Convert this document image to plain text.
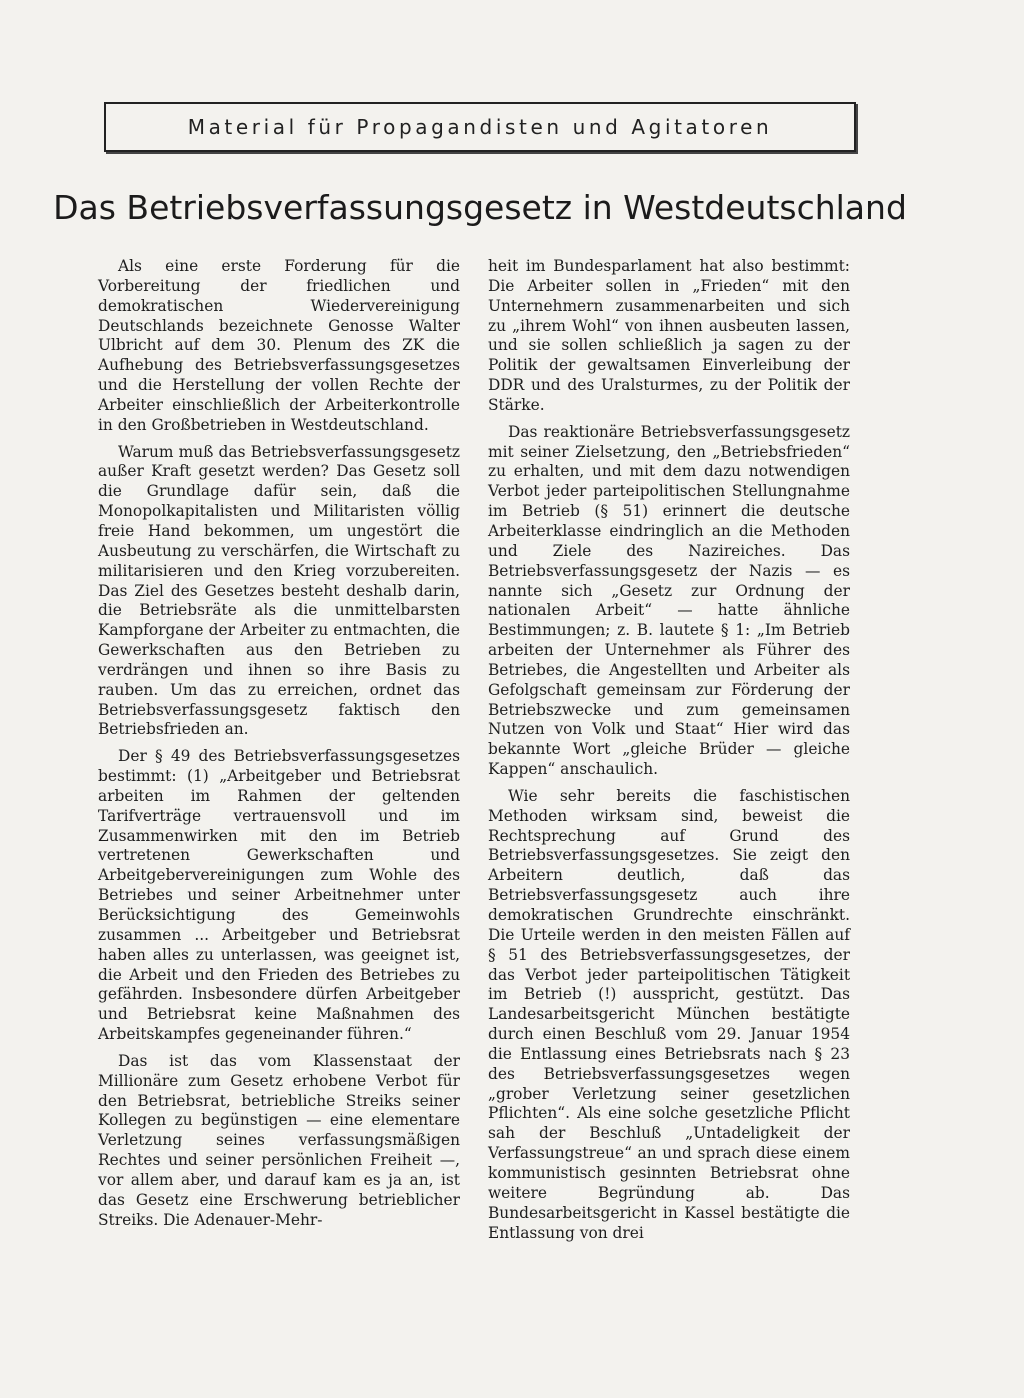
Material für Propagandisten und Agitatoren
Das Betriebsverfassungsgesetz in Westdeutschland

Als eine erste Forderung für die Vorbereitung der friedlichen und demokratischen Wiedervereinigung Deutschlands bezeichnete Genosse Walter Ulbricht auf dem 30. Plenum des ZK die Aufhebung des Betriebsverfassungsgesetzes und die Herstellung der vollen Rechte der Arbeiter einschließlich der Arbeiterkontrolle in den Großbetrieben in Westdeutschland.

Warum muß das Betriebsverfassungsgesetz außer Kraft gesetzt werden? Das Gesetz soll die Grundlage dafür sein, daß die Monopolkapitalisten und Militaristen völlig freie Hand bekommen, um ungestört die Ausbeutung zu verschärfen, die Wirtschaft zu militarisieren und den Krieg vorzubereiten. Das Ziel des Gesetzes besteht deshalb darin, die Betriebsräte als die unmittelbarsten Kampforgane der Arbeiter zu entmachten, die Gewerkschaften aus den Betrieben zu verdrängen und ihnen so ihre Basis zu rauben. Um das zu erreichen, ordnet das Betriebsverfassungsgesetz faktisch den Betriebsfrieden an.

Der § 49 des Betriebsverfassungsgesetzes bestimmt: (1) „Arbeitgeber und Betriebsrat arbeiten im Rahmen der geltenden Tarifverträge vertrauensvoll und im Zusammenwirken mit den im Betrieb vertretenen Gewerkschaften und Arbeitgebervereinigungen zum Wohle des Betriebes und seiner Arbeitnehmer unter Berücksichtigung des Gemeinwohls zusammen ... Arbeitgeber und Betriebsrat haben alles zu unterlassen, was geeignet ist, die Arbeit und den Frieden des Betriebes zu gefährden. Insbesondere dürfen Arbeitgeber und Betriebsrat keine Maßnahmen des Arbeitskampfes gegeneinander führen.“

Das ist das vom Klassenstaat der Millionäre zum Gesetz erhobene Verbot für den Betriebsrat, betriebliche Streiks seiner Kollegen zu begünstigen — eine elementare Verletzung seines verfassungsmäßigen Rechtes und seiner persönlichen Freiheit —, vor allem aber, und darauf kam es ja an, ist das Gesetz eine Erschwerung betrieblicher Streiks. Die Adenauer-Mehr-

heit im Bundesparlament hat also bestimmt: Die Arbeiter sollen in „Frieden“ mit den Unternehmern zusammenarbeiten und sich zu „ihrem Wohl“ von ihnen ausbeuten lassen, und sie sollen schließlich ja sagen zu der Politik der gewaltsamen Einverleibung der DDR und des Uralsturmes, zu der Politik der Stärke.

Das reaktionäre Betriebsverfassungsgesetz mit seiner Zielsetzung, den „Betriebsfrieden“ zu erhalten, und mit dem dazu notwendigen Verbot jeder parteipolitischen Stellungnahme im Betrieb (§ 51) erinnert die deutsche Arbeiterklasse eindringlich an die Methoden und Ziele des Nazireiches. Das Betriebsverfassungsgesetz der Nazis — es nannte sich „Gesetz zur Ordnung der nationalen Arbeit“ — hatte ähnliche Bestimmungen; z. B. lautete § 1: „Im Betrieb arbeiten der Unternehmer als Führer des Betriebes, die Angestellten und Arbeiter als Gefolgschaft gemeinsam zur Förderung der Betriebszwecke und zum gemeinsamen Nutzen von Volk und Staat“ Hier wird das bekannte Wort „gleiche Brüder — gleiche Kappen“ anschaulich.

Wie sehr bereits die faschistischen Methoden wirksam sind, beweist die Rechtsprechung auf Grund des Betriebsverfassungsgesetzes. Sie zeigt den Arbeitern deutlich, daß das Betriebsverfassungsgesetz auch ihre demokratischen Grundrechte einschränkt. Die Urteile werden in den meisten Fällen auf § 51 des Betriebsverfassungsgesetzes, der das Verbot jeder parteipolitischen Tätigkeit im Betrieb (!) ausspricht, gestützt. Das Landesarbeitsgericht München bestätigte durch einen Beschluß vom 29. Januar 1954 die Entlassung eines Betriebsrats nach § 23 des Betriebsverfassungsgesetzes wegen „grober Verletzung seiner gesetzlichen Pflichten“. Als eine solche gesetzliche Pflicht sah der Beschluß „Untadeligkeit der Verfassungstreue“ an und sprach diese einem kommunistisch gesinnten Betriebsrat ohne weitere Begründung ab. Das Bundesarbeitsgericht in Kassel bestätigte die Entlassung von drei
